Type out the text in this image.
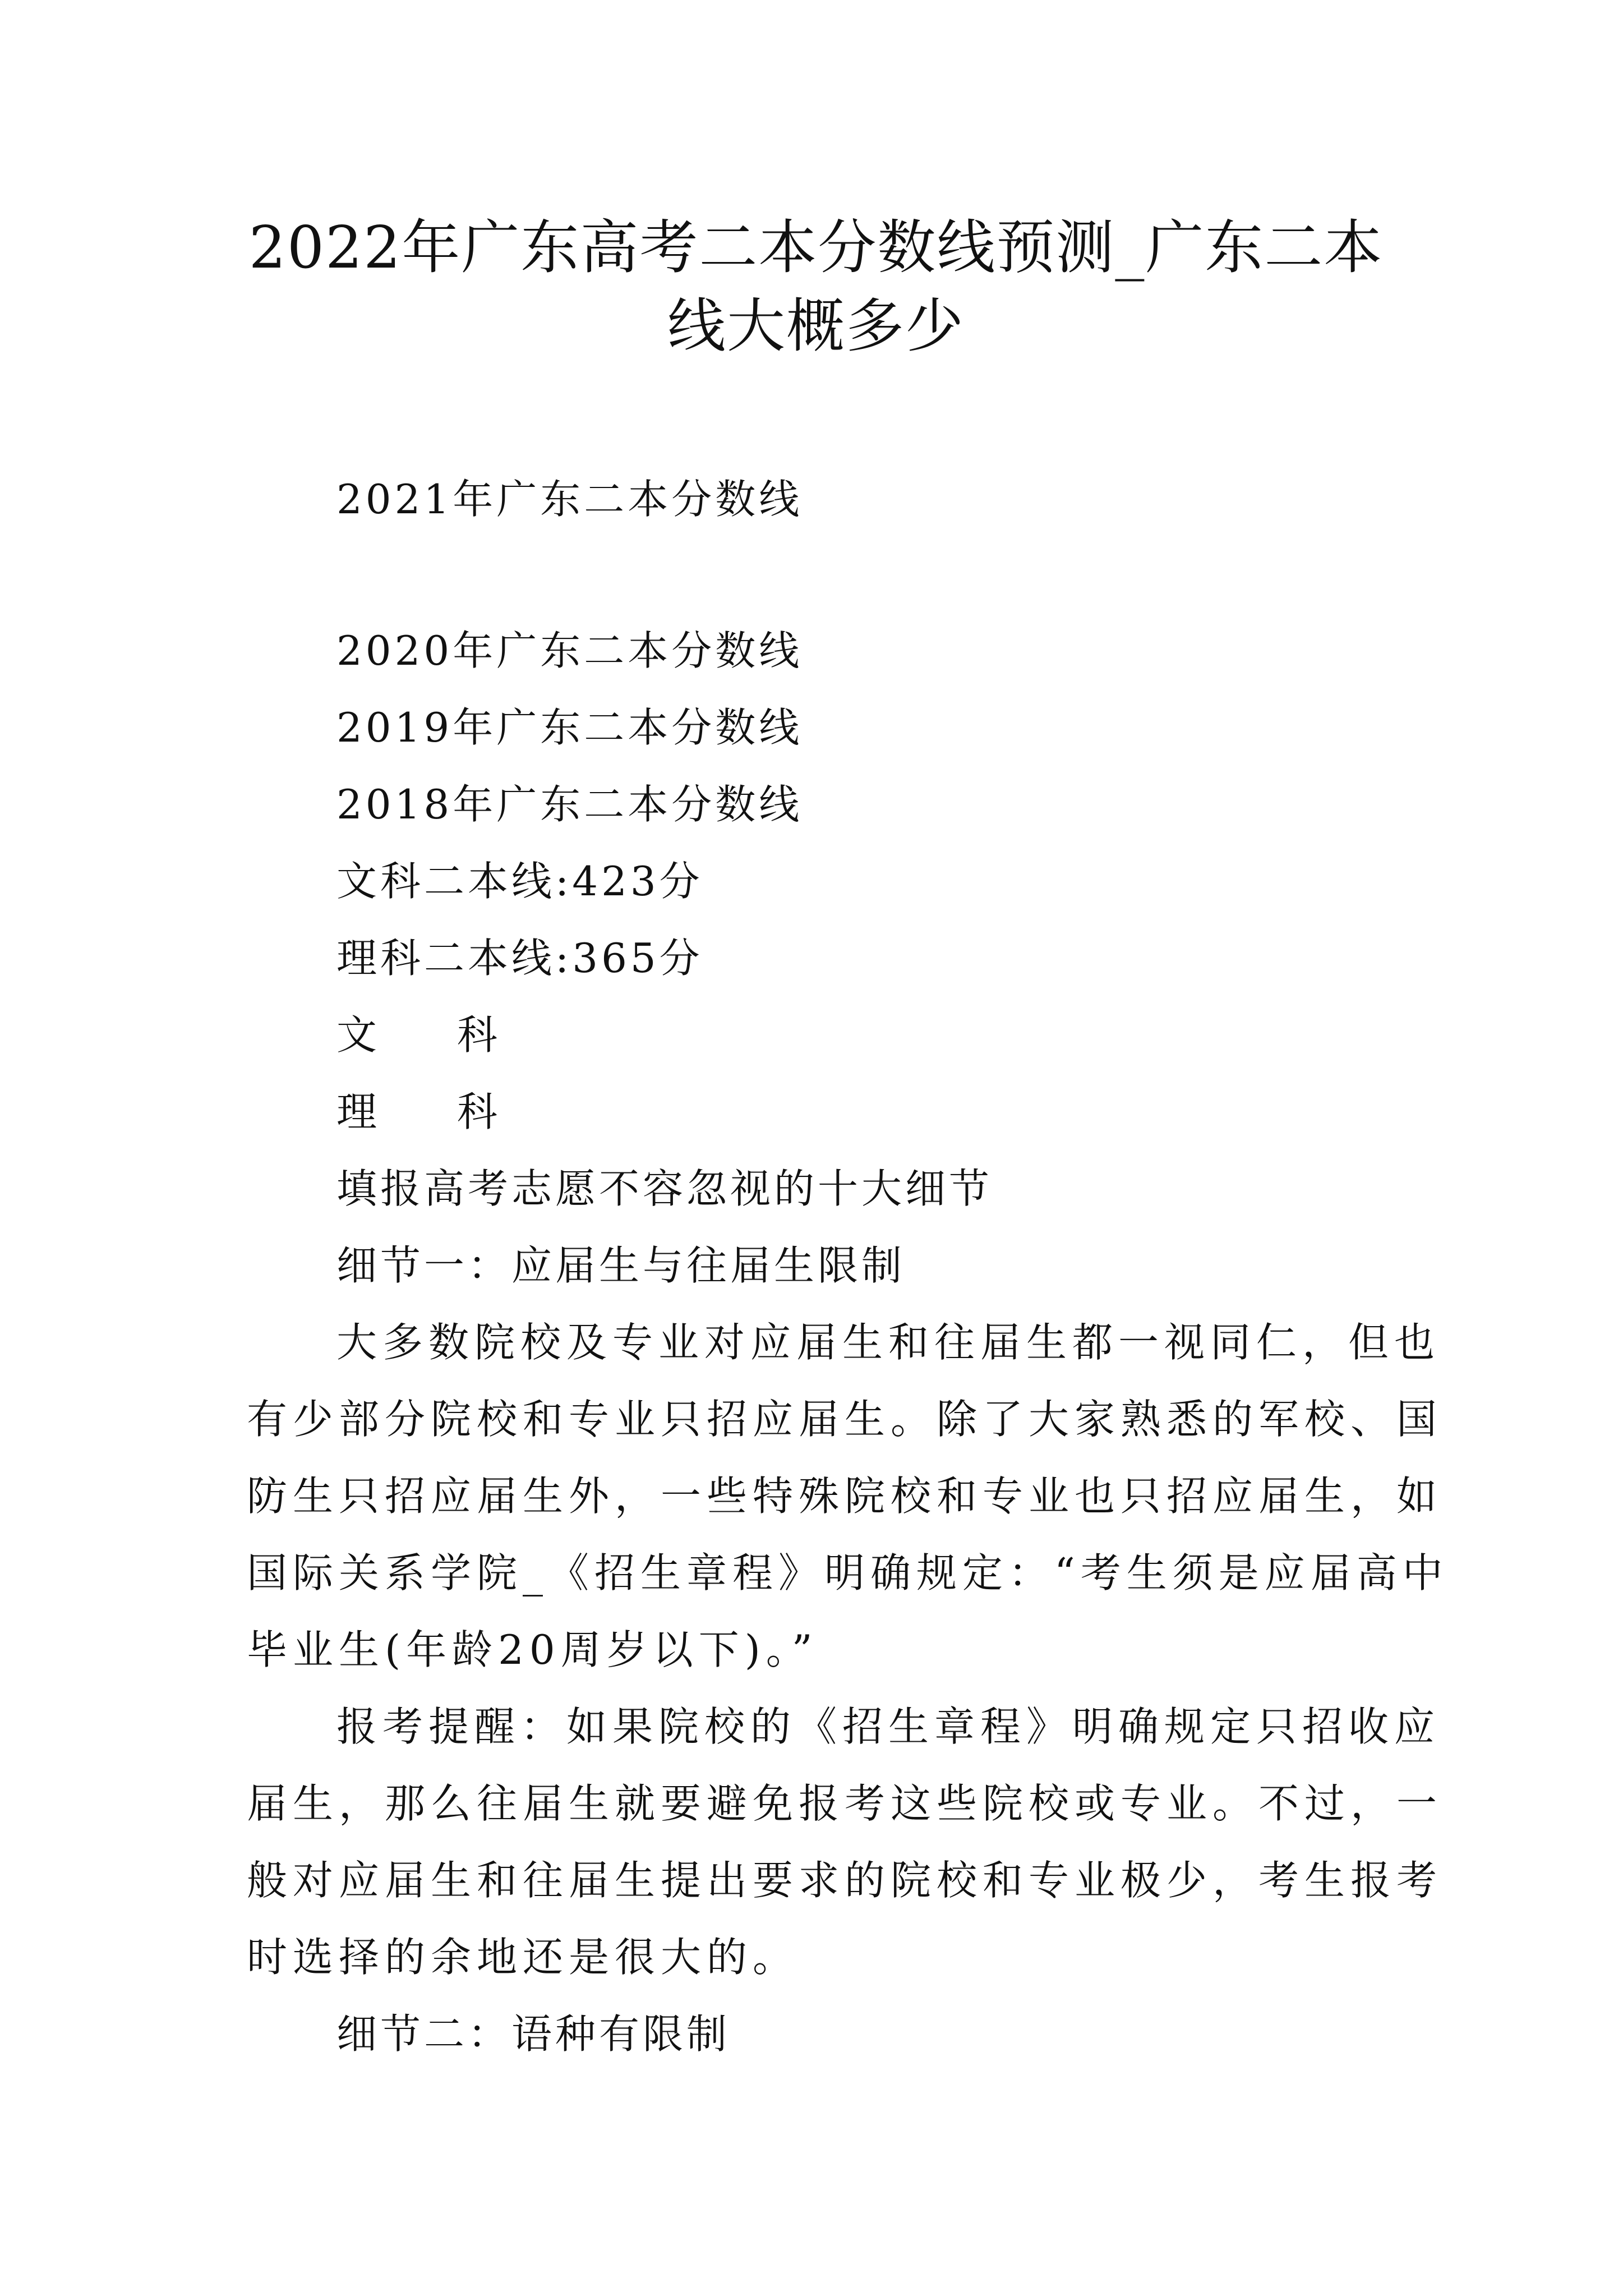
2022年广东高考二本分数线预测_广东二本
线大概多少
2021年广东二本分数线
2020年广东二本分数线
2019年广东二本分数线
2018年广东二本分数线
文科二本线:423分
理科二本线:365分
文 科
理 科
填报高考志愿不容忽视的十大细节
细节一：应届生与往届生限制
大多数院校及专业对应届生和往届生都一视同仁，但也
有少部分院校和专业只招应届生。除了大家熟悉的军校、国
防生只招应届生外，一些特殊院校和专业也只招应届生，如
国际关系学院_《招生章程》明确规定：“考生须是应届高中
毕业生(年龄20周岁以下)。”
报考提醒：如果院校的《招生章程》明确规定只招收应
届生，那么往届生就要避免报考这些院校或专业。不过，一
般对应届生和往届生提出要求的院校和专业极少，考生报考
时选择的余地还是很大的。
细节二：语种有限制
